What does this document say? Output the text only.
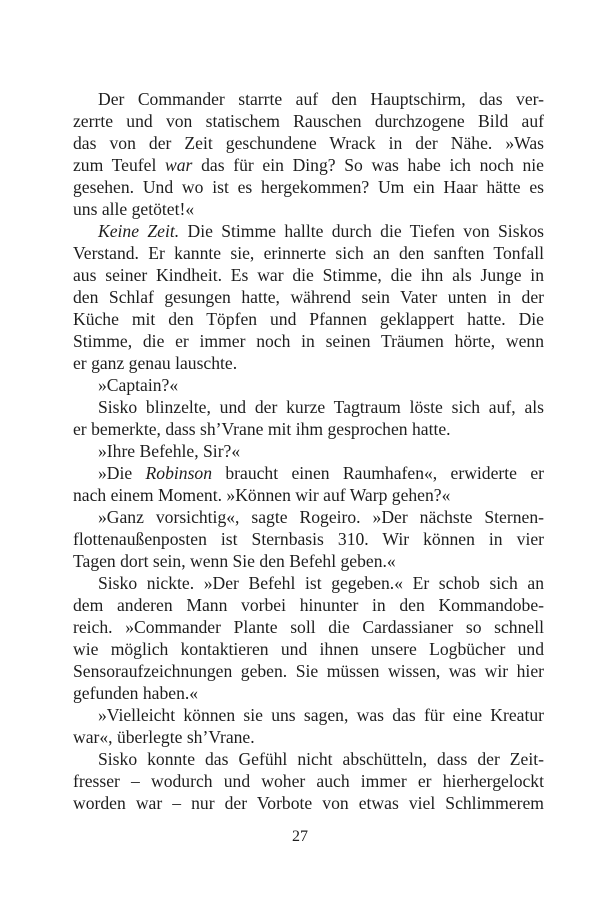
Der Commander starrte auf den Hauptschirm, das ver-
zerrte und von statischem Rauschen durchzogene Bild auf
das von der Zeit geschundene Wrack in der Nähe. »Was
zum Teufel war das für ein Ding? So was habe ich noch nie
gesehen. Und wo ist es hergekommen? Um ein Haar hätte es
uns alle getötet!«
Keine Zeit. Die Stimme hallte durch die Tiefen von Siskos
Verstand. Er kannte sie, erinnerte sich an den sanften Tonfall
aus seiner Kindheit. Es war die Stimme, die ihn als Junge in
den Schlaf gesungen hatte, während sein Vater unten in der
Küche mit den Töpfen und Pfannen geklappert hatte. Die
Stimme, die er immer noch in seinen Träumen hörte, wenn
er ganz genau lauschte.
»Captain?«
Sisko blinzelte, und der kurze Tagtraum löste sich auf, als
er bemerkte, dass sh’Vrane mit ihm gesprochen hatte.
»Ihre Befehle, Sir?«
»Die Robinson braucht einen Raumhafen«, erwiderte er
nach einem Moment. »Können wir auf Warp gehen?«
»Ganz vorsichtig«, sagte Rogeiro. »Der nächste Sternen-
flottenaußenposten ist Sternbasis 310. Wir können in vier
Tagen dort sein, wenn Sie den Befehl geben.«
Sisko nickte. »Der Befehl ist gegeben.« Er schob sich an
dem anderen Mann vorbei hinunter in den Kommandobe-
reich. »Commander Plante soll die Cardassianer so schnell
wie möglich kontaktieren und ihnen unsere Logbücher und
Sensoraufzeichnungen geben. Sie müssen wissen, was wir hier
gefunden haben.«
»Vielleicht können sie uns sagen, was das für eine Kreatur
war«, überlegte sh’Vrane.
Sisko konnte das Gefühl nicht abschütteln, dass der Zeit-
fresser – wodurch und woher auch immer er hierhergelockt
worden war – nur der Vorbote von etwas viel Schlimmerem
27
